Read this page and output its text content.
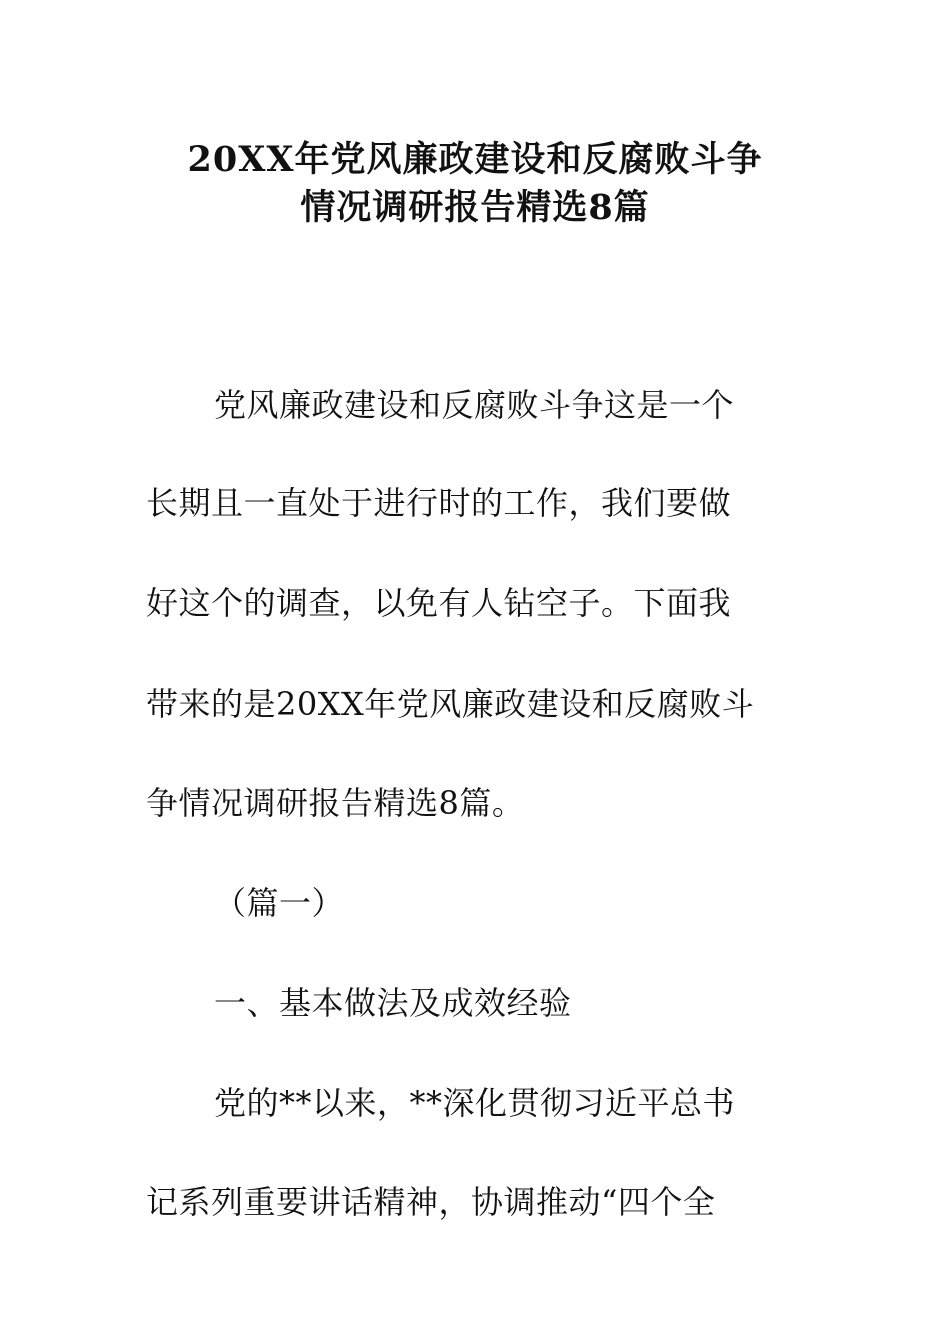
20XX年党风廉政建设和反腐败斗争
情况调研报告精选8篇
党风廉政建设和反腐败斗争这是一个
长期且一直处于进行时的工作，我们要做
好这个的调查，以免有人钻空子。下面我
带来的是20XX年党风廉政建设和反腐败斗
争情况调研报告精选8篇。
（篇一）
一、基本做法及成效经验
党的**以来，**深化贯彻习近平总书
记系列重要讲话精神，协调推动“四个全
